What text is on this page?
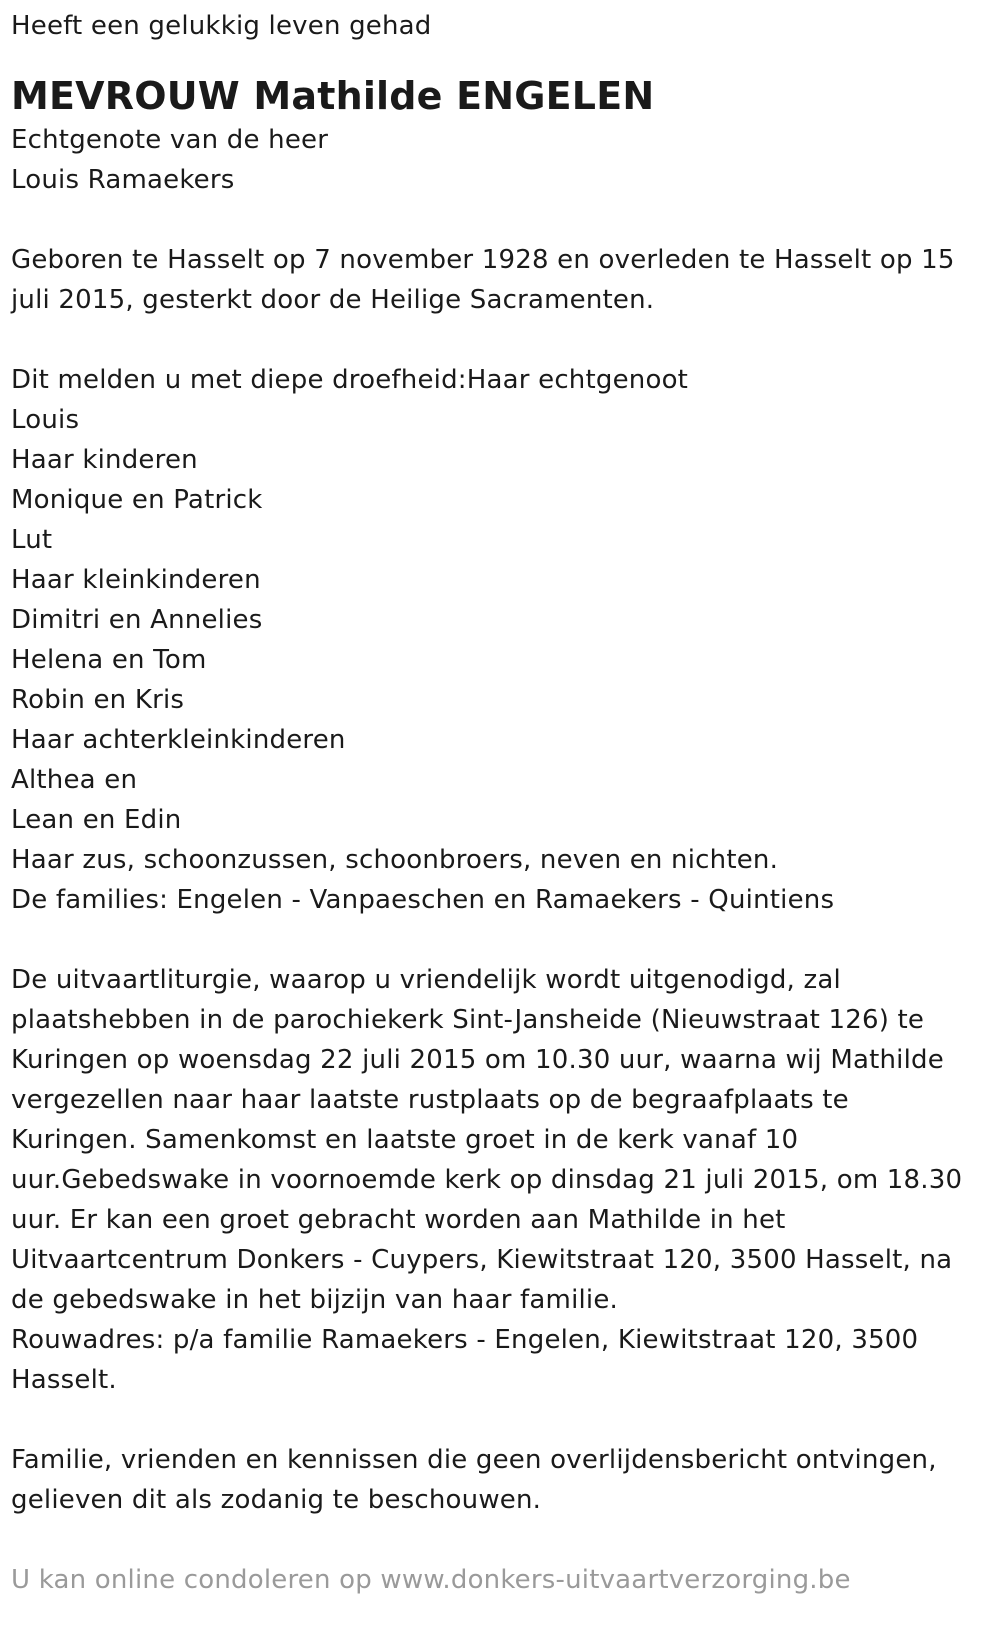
Heeft een gelukkig leven gehad
MEVROUW Mathilde ENGELEN
Echtgenote van de heer
Louis Ramaekers
Geboren te Hasselt op 7 november 1928 en overleden te Hasselt op 15
juli 2015, gesterkt door de Heilige Sacramenten.
Dit melden u met diepe droefheid:Haar echtgenoot
Louis
Haar kinderen
Monique en Patrick
Lut
Haar kleinkinderen
Dimitri en Annelies
Helena en Tom
Robin en Kris
Haar achterkleinkinderen
Althea en
Lean en Edin
Haar zus, schoonzussen, schoonbroers, neven en nichten.
De families: Engelen - Vanpaeschen en Ramaekers - Quintiens
De uitvaartliturgie, waarop u vriendelijk wordt uitgenodigd, zal
plaatshebben in de parochiekerk Sint-Jansheide (Nieuwstraat 126) te
Kuringen op woensdag 22 juli 2015 om 10.30 uur, waarna wij Mathilde
vergezellen naar haar laatste rustplaats op de begraafplaats te
Kuringen. Samenkomst en laatste groet in de kerk vanaf 10
uur.Gebedswake in voornoemde kerk op dinsdag 21 juli 2015, om 18.30
uur. Er kan een groet gebracht worden aan Mathilde in het
Uitvaartcentrum Donkers - Cuypers, Kiewitstraat 120, 3500 Hasselt, na
de gebedswake in het bijzijn van haar familie.
Rouwadres: p/a familie Ramaekers - Engelen, Kiewitstraat 120, 3500
Hasselt.
Familie, vrienden en kennissen die geen overlijdensbericht ontvingen,
gelieven dit als zodanig te beschouwen.
U kan online condoleren op www.donkers-uitvaartverzorging.be
